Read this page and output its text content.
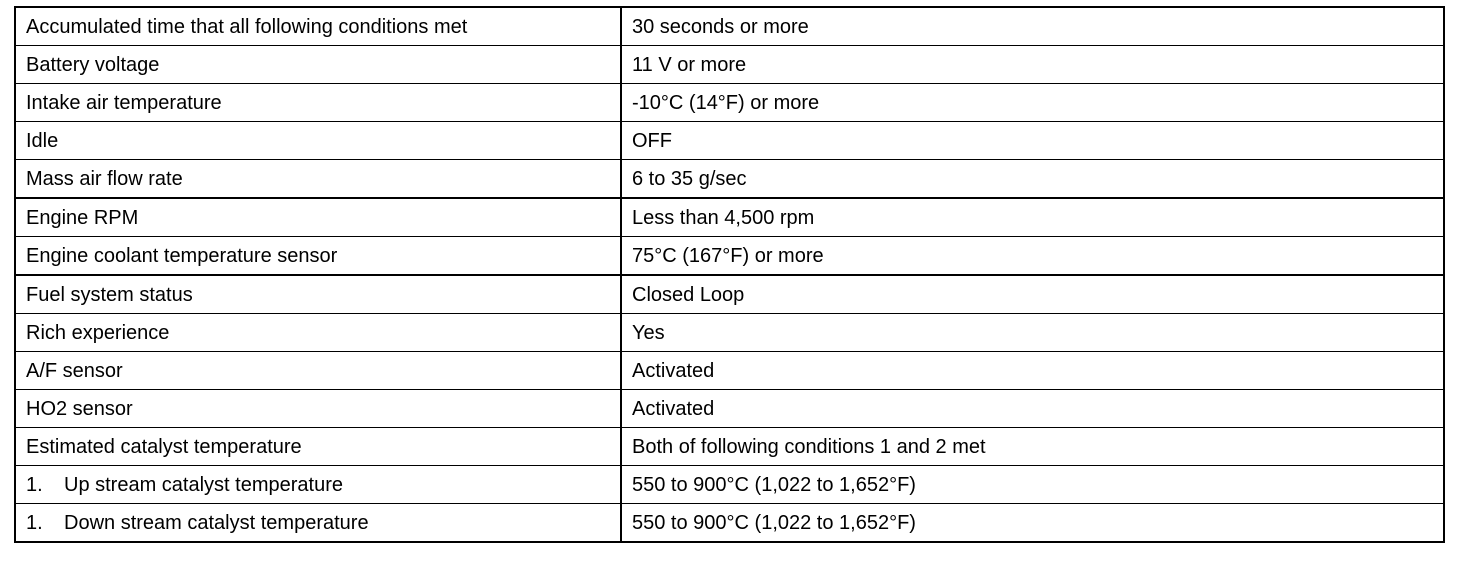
Accumulated time that all following conditions met	30 seconds or more
Battery voltage	11 V or more
Intake air temperature	-10°C (14°F) or more
Idle	OFF
Mass air flow rate	6 to 35 g/sec
Engine RPM	Less than 4,500 rpm
Engine coolant temperature sensor	75°C (167°F) or more
Fuel system status	Closed Loop
Rich experience	Yes
A/F sensor	Activated
HO2 sensor	Activated
Estimated catalyst temperature	Both of following conditions 1 and 2 met
1. Up stream catalyst temperature	550 to 900°C (1,022 to 1,652°F)
1. Down stream catalyst temperature	550 to 900°C (1,022 to 1,652°F)
